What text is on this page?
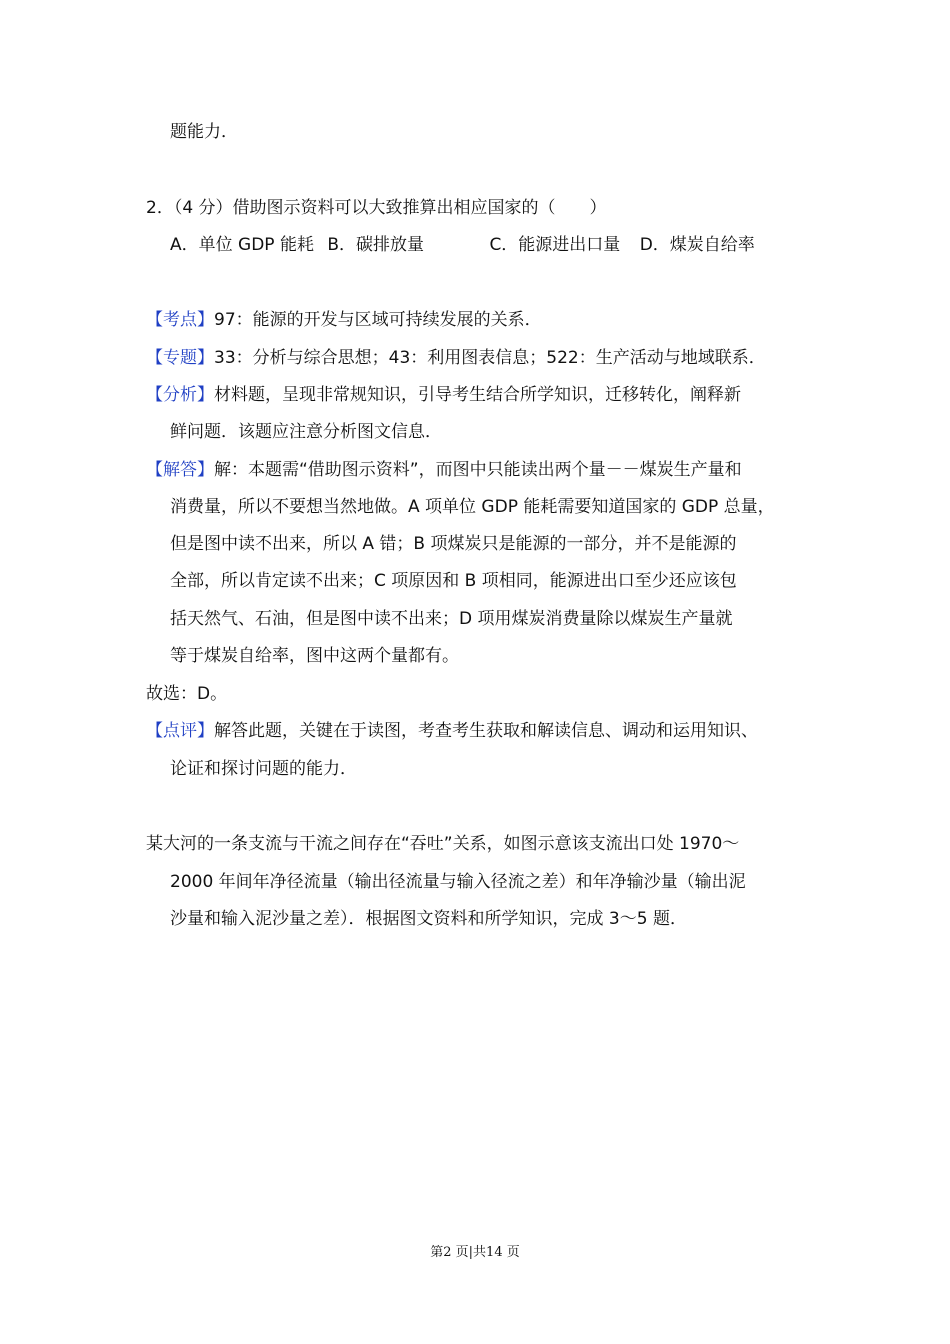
题能力．
2．（4 分）借助图示资料可以大致推算出相应国家的（　　）
A．单位 GDP 能耗 B．碳排放量	C．能源进出口量 D．煤炭自给率
【考点】97：能源的开发与区域可持续发展的关系．
【专题】33：分析与综合思想；43：利用图表信息；522：生产活动与地域联系．
【分析】材料题，呈现非常规知识，引导考生结合所学知识，迁移转化，阐释新
鲜问题．该题应注意分析图文信息．
【解答】解：本题需“借助图示资料”，而图中只能读出两个量－－煤炭生产量和
消费量，所以不要想当然地做。A 项单位 GDP 能耗需要知道国家的 GDP 总量，
但是图中读不出来，所以 A 错；B 项煤炭只是能源的一部分，并不是能源的
全部，所以肯定读不出来；C 项原因和 B 项相同，能源进出口至少还应该包
括天然气、石油，但是图中读不出来；D 项用煤炭消费量除以煤炭生产量就
等于煤炭自给率，图中这两个量都有。
故选：D。
【点评】解答此题，关键在于读图，考查考生获取和解读信息、调动和运用知识、
论证和探讨问题的能力．
某大河的一条支流与干流之间存在“吞吐”关系，如图示意该支流出口处 1970～
2000 年间年净径流量（输出径流量与输入径流之差）和年净输沙量（输出泥
沙量和输入泥沙量之差）．根据图文资料和所学知识，完成 3～5 题．
第2 页|共14 页
